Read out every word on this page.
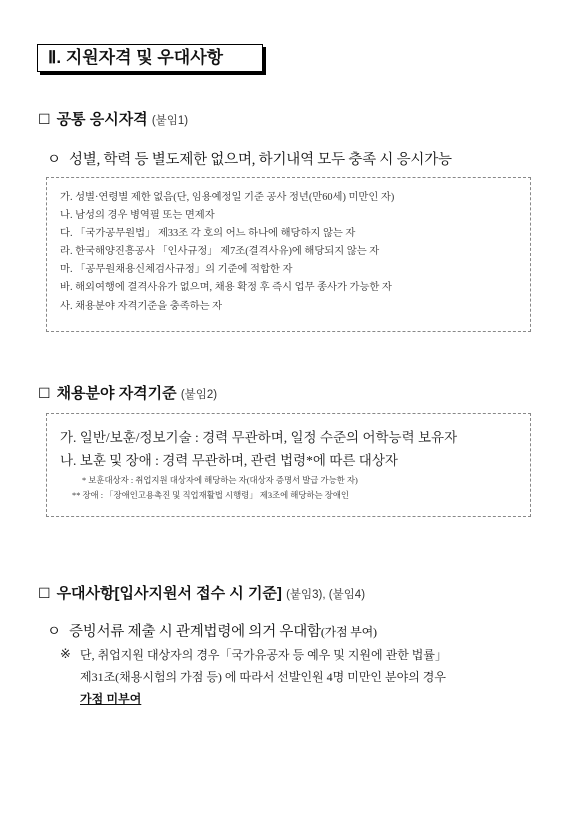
Ⅱ. 지원자격 및 우대사항
☐ 공통 응시자격 (붙임1)
ㅇ 성별, 학력 등 별도제한 없으며, 하기내역 모두 충족 시 응시가능
가. 성별·연령별 제한 없음(단, 임용예정일 기준 공사 정년(만60세) 미만인 자)
나. 남성의 경우 병역필 또는 면제자
다. 「국가공무원법」 제33조 각 호의 어느 하나에 해당하지 않는 자
라. 한국해양진흥공사 「인사규정」 제7조(결격사유)에 해당되지 않는 자
마. 「공무원채용신체검사규정」의 기준에 적합한 자
바. 해외여행에 결격사유가 없으며, 채용 확정 후 즉시 업무 종사가 가능한 자
사. 채용분야 자격기준을 충족하는 자
☐ 채용분야 자격기준 (붙임2)
가. 일반/보훈/정보기술 : 경력 무관하며, 일정 수준의 어학능력 보유자
나. 보훈 및 장애 : 경력 무관하며, 관련 법령*에 따른 대상자
* 보훈대상자 : 취업지원 대상자에 해당하는 자(대상자 증명서 발급 가능한 자)
** 장애 : 「장애인고용촉진 및 직업재활법 시행령」 제3조에 해당하는 장애인
☐ 우대사항[입사지원서 접수 시 기준] (붙임3), (붙임4)
ㅇ 증빙서류 제출 시 관계법령에 의거 우대함(가점 부여)
※ 단, 취업지원 대상자의 경우「국가유공자 등 예우 및 지원에 관한 법률」
제31조(채용시험의 가점 등) 에 따라서 선발인원 4명 미만인 분야의 경우
가점 미부여
